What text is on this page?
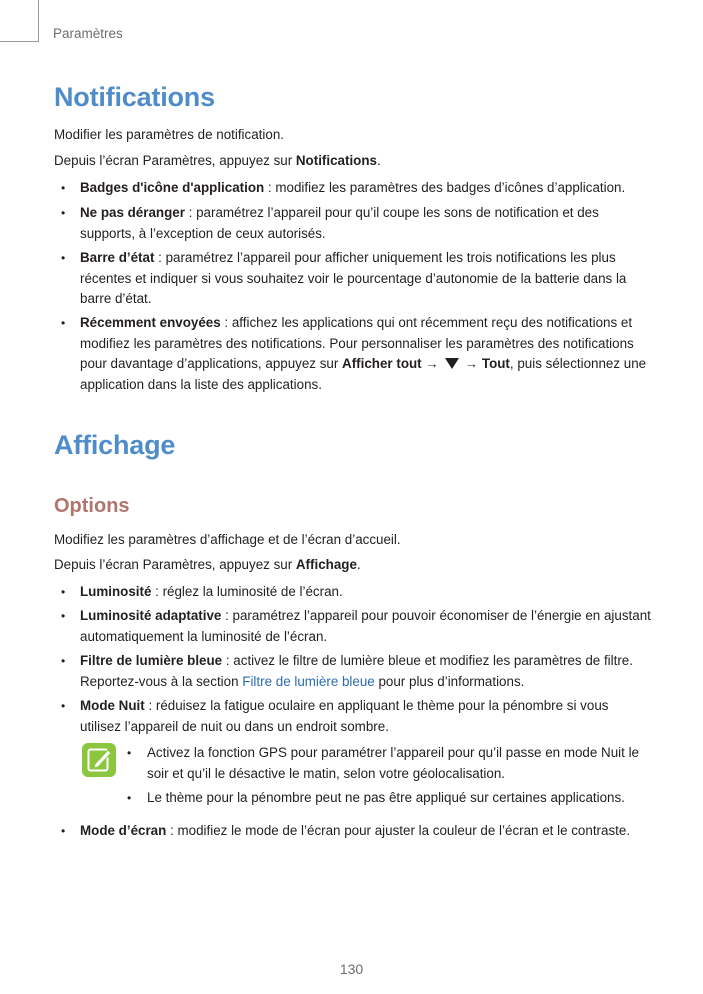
Paramètres
Notifications
Modifier les paramètres de notification.
Depuis l’écran Paramètres, appuyez sur Notifications.
• Badges d'icône d'application : modifiez les paramètres des badges d’icônes d’application.
• Ne pas déranger : paramétrez l’appareil pour qu’il coupe les sons de notification et des supports, à l’exception de ceux autorisés.
• Barre d’état : paramétrez l’appareil pour afficher uniquement les trois notifications les plus récentes et indiquer si vous souhaitez voir le pourcentage d’autonomie de la batterie dans la barre d’état.
• Récemment envoyées : affichez les applications qui ont récemment reçu des notifications et modifiez les paramètres des notifications. Pour personnaliser les paramètres des notifications pour davantage d’applications, appuyez sur Afficher tout → → Tout, puis sélectionnez une application dans la liste des applications.
Affichage
Options
Modifiez les paramètres d’affichage et de l’écran d’accueil.
Depuis l’écran Paramètres, appuyez sur Affichage.
• Luminosité : réglez la luminosité de l’écran.
• Luminosité adaptative : paramétrez l’appareil pour pouvoir économiser de l’énergie en ajustant automatiquement la luminosité de l’écran.
• Filtre de lumière bleue : activez le filtre de lumière bleue et modifiez les paramètres de filtre. Reportez-vous à la section Filtre de lumière bleue pour plus d’informations.
• Mode Nuit : réduisez la fatigue oculaire en appliquant le thème pour la pénombre si vous utilisez l’appareil de nuit ou dans un endroit sombre.
• Activez la fonction GPS pour paramétrer l’appareil pour qu’il passe en mode Nuit le soir et qu’il le désactive le matin, selon votre géolocalisation.
• Le thème pour la pénombre peut ne pas être appliqué sur certaines applications.
• Mode d’écran : modifiez le mode de l’écran pour ajuster la couleur de l’écran et le contraste.
130
